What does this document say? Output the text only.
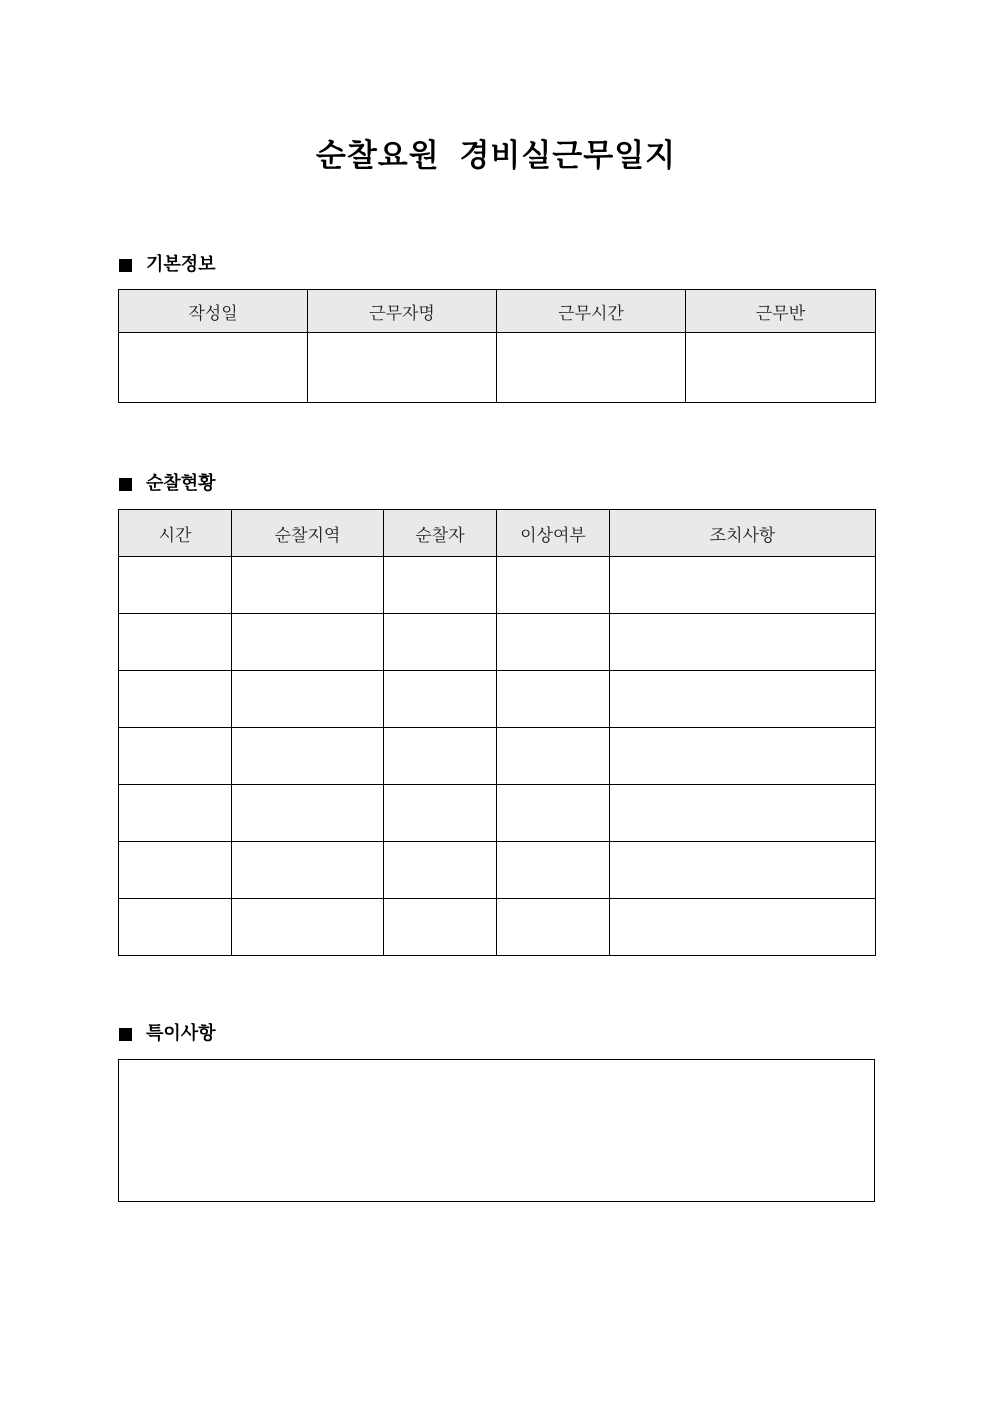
순찰요원 경비실근무일지
기본정보
작성일	근무자명	근무시간	근무반

순찰현황
시간	순찰지역	순찰자	이상여부	조치사항

특이사항
